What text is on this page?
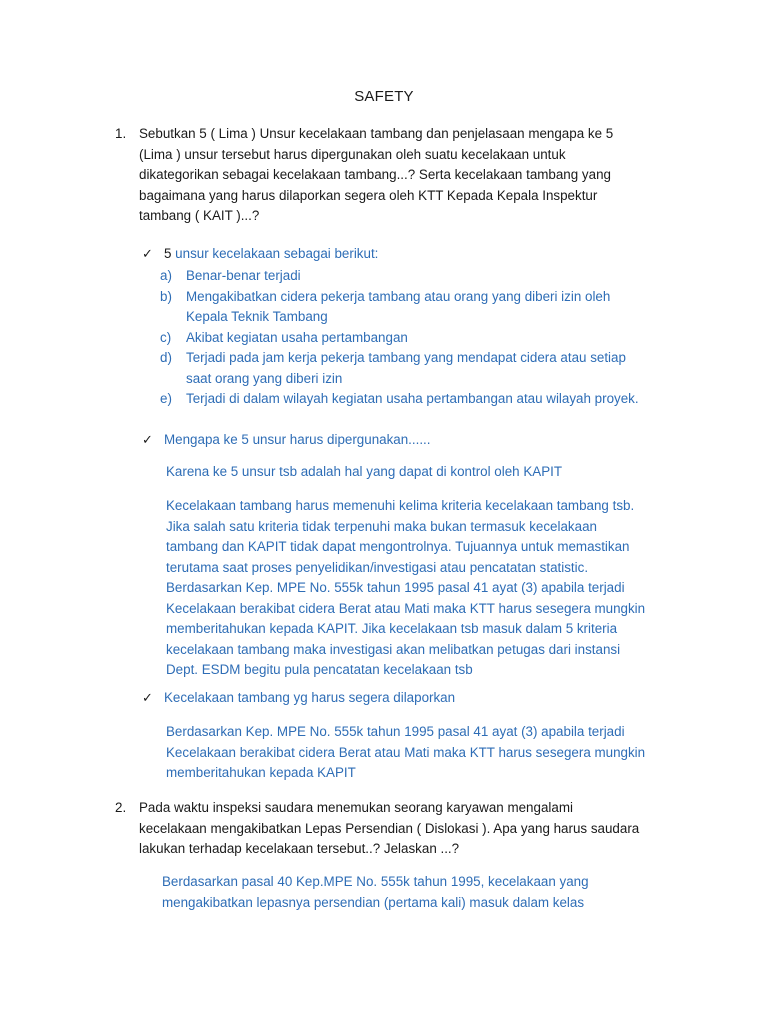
SAFETY
1. Sebutkan 5 ( Lima ) Unsur kecelakaan tambang dan penjelasaan mengapa ke 5
(Lima ) unsur tersebut harus dipergunakan oleh suatu kecelakaan untuk
dikategorikan sebagai kecelakaan tambang...? Serta kecelakaan tambang yang
bagaimana yang harus dilaporkan segera oleh KTT Kepada Kepala Inspektur
tambang ( KAIT )...?
✓ 5 unsur kecelakaan sebagai berikut:
a) Benar-benar terjadi
b) Mengakibatkan cidera pekerja tambang atau orang yang diberi izin oleh
Kepala Teknik Tambang
c) Akibat kegiatan usaha pertambangan
d) Terjadi pada jam kerja pekerja tambang yang mendapat cidera atau setiap
saat orang yang diberi izin
e) Terjadi di dalam wilayah kegiatan usaha pertambangan atau wilayah proyek.
✓ Mengapa ke 5 unsur harus dipergunakan......
Karena ke 5 unsur tsb adalah hal yang dapat di kontrol oleh KAPIT
Kecelakaan tambang harus memenuhi kelima kriteria kecelakaan tambang tsb.
Jika salah satu kriteria tidak terpenuhi maka bukan termasuk kecelakaan
tambang dan KAPIT tidak dapat mengontrolnya. Tujuannya untuk memastikan
terutama saat proses penyelidikan/investigasi atau pencatatan statistic.
Berdasarkan Kep. MPE No. 555k tahun 1995 pasal 41 ayat (3) apabila terjadi
Kecelakaan berakibat cidera Berat atau Mati maka KTT harus sesegera mungkin
memberitahukan kepada KAPIT. Jika kecelakaan tsb masuk dalam 5 kriteria
kecelakaan tambang maka investigasi akan melibatkan petugas dari instansi
Dept. ESDM begitu pula pencatatan kecelakaan tsb
✓ Kecelakaan tambang yg harus segera dilaporkan
Berdasarkan Kep. MPE No. 555k tahun 1995 pasal 41 ayat (3) apabila terjadi
Kecelakaan berakibat cidera Berat atau Mati maka KTT harus sesegera mungkin
memberitahukan kepada KAPIT
2. Pada waktu inspeksi saudara menemukan seorang karyawan mengalami
kecelakaan mengakibatkan Lepas Persendian ( Dislokasi ). Apa yang harus saudara
lakukan terhadap kecelakaan tersebut..? Jelaskan ...?
Berdasarkan pasal 40 Kep.MPE No. 555k tahun 1995, kecelakaan yang
mengakibatkan lepasnya persendian (pertama kali) masuk dalam kelas
